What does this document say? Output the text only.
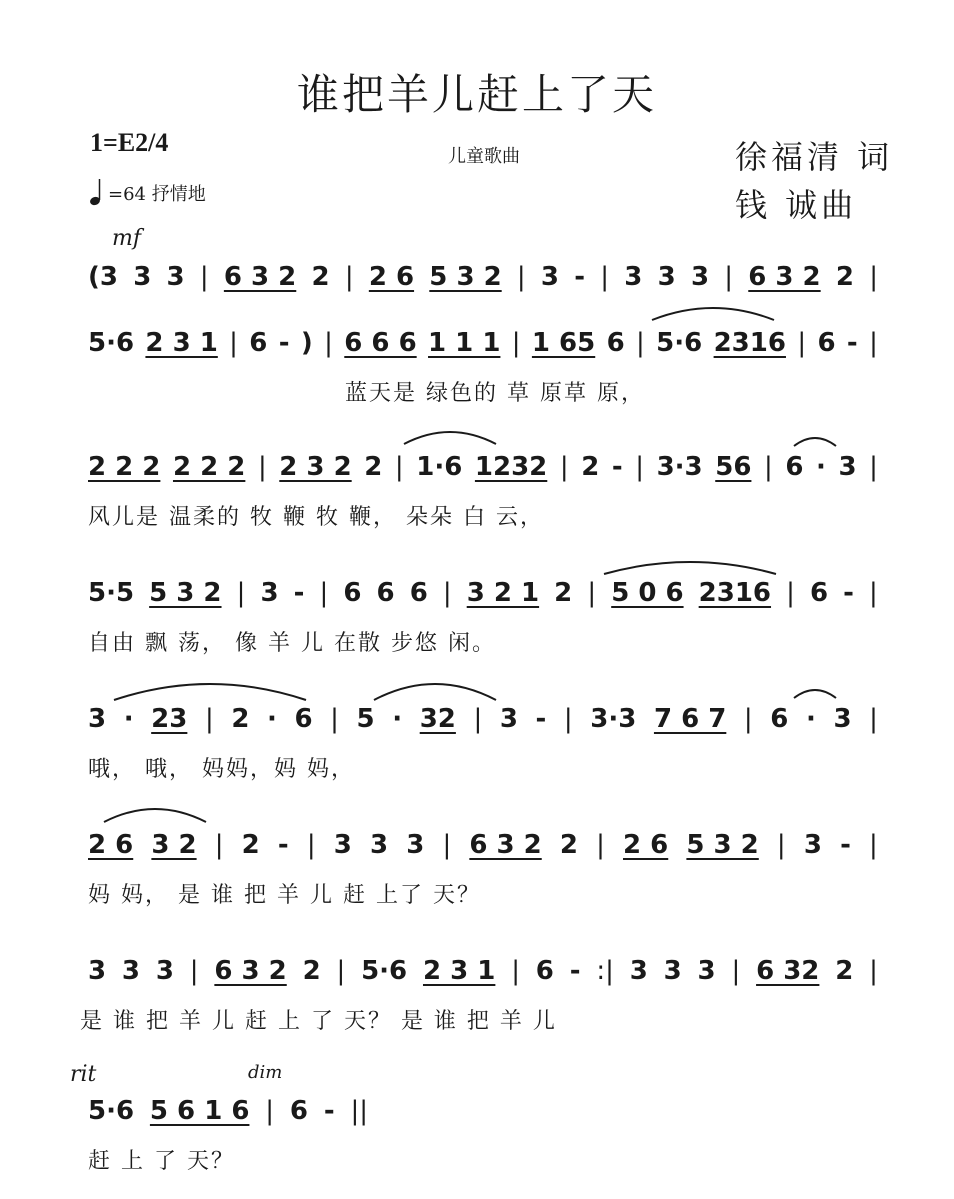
谁把羊儿赶上了天
1=E2/4	儿童歌曲
=64 抒情地
徐福清 词
钱 诚曲
mf
(3 3 3 | 6 3 2 2 | 2 6 5 3 2 | 3 - | 3 3 3 | 6 3 2 2 |
5·6 2 3 1 | 6 - ) | 6 6 6 1 1 1 | 1 65 6 | 5·6 2316 | 6 - |
蓝天是 绿色的 草 原草 原，
2 2 2 2 2 2 | 2 3 2 2 | 1·6 1232 | 2 - | 3·3 56 | 6 · 3 |
风儿是 温柔的 牧 鞭 牧 鞭， 朵朵 白 云，
5·5 5 3 2 | 3 - | 6 6 6 | 3 2 1 2 | 5 0 6 2316 | 6 - |
自由 飘 荡， 像 羊 儿 在散 步悠 闲。
3 · 23 | 2 · 6 | 5 · 32 | 3 - | 3·3 7 6 7 | 6 · 3 |
哦， 哦， 妈妈，妈 妈，
2 6 3 2 | 2 - | 3 3 3 | 6 3 2 2 | 2 6 5 3 2 | 3 - |
妈 妈， 是 谁 把 羊 儿 赶 上了 天？
3 3 3 | 6 3 2 2 | 5·6 2 3 1 | 6 - :| 3 3 3 | 6 32 2 |
是 谁 把 羊 儿 赶 上 了 天？ 是 谁 把 羊 儿
rit	dim
5·6 5 6 1 6 | 6 - ||
赶 上 了 天？
